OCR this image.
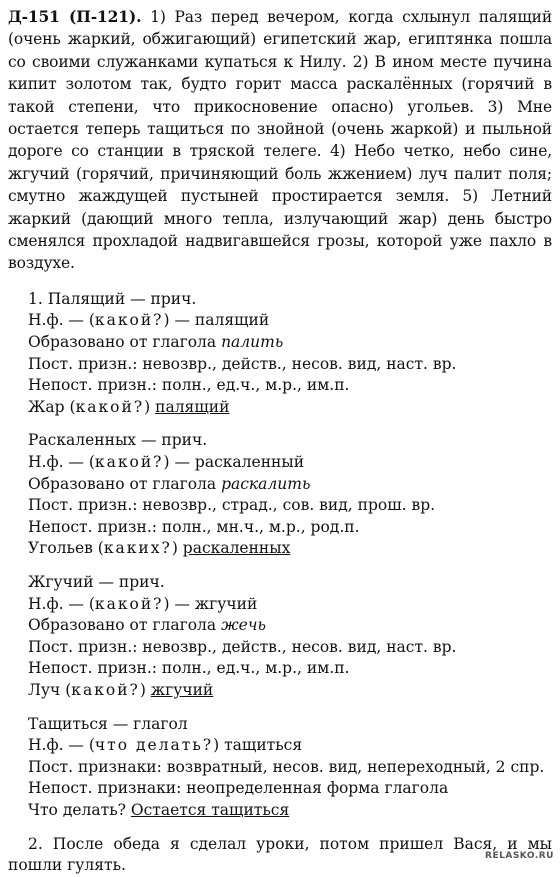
Д-151 (П-121). 1) Раз перед вечером, когда схлынул палящий (очень жаркий, обжигающий) египетский жар, египтянка пошла со своими служанками купаться к Нилу. 2) В ином месте пучина кипит золотом так, будто горит масса раскалённых (горячий в такой степени, что прикосновение опасно) угольев. 3) Мне остается теперь тащиться по знойной (очень жаркой) и пыльной дороге со станции в тряской телеге. 4) Небо четко, небо сине, жгучий (горячий, причиняющий боль жжением) луч палит поля; смутно жаждущей пустыней простирается земля. 5) Летний жаркий (дающий много тепла, излучающий жар) день быстро сменялся прохладой надвигавшейся грозы, которой уже пахло в воздухе.

1. Палящий — прич.
Н.ф. — (какой?) — палящий
Образовано от глагола палить
Пост. призн.: невозвр., действ., несов. вид, наст. вр.
Непост. призн.: полн., ед.ч., м.р., им.п.
Жар (какой?) палящий
Раскаленных — прич.
Н.ф. — (какой?) — раскаленный
Образовано от глагола раскалить
Пост. призн.: невозвр., страд., сов. вид, прош. вр.
Непост. призн.: полн., мн.ч., м.р., род.п.
Угольев (каких?) раскаленных
Жгучий — прич.
Н.ф. — (какой?) — жгучий
Образовано от глагола жечь
Пост. призн.: невозвр., действ., несов. вид, наст. вр.
Непост. призн.: полн., ед.ч., м.р., им.п.
Луч (какой?) жгучий
Тащиться — глагол
Н.ф. — (что делать?) тащиться
Пост. признаки: возвратный, несов. вид, непереходный, 2 спр.
Непост. признаки: неопределенная форма глагола
Что делать? Остается тащиться

2. После обеда я сделал уроки, потом пришел Вася, и мы пошли гулять.

RELASKO.RU
